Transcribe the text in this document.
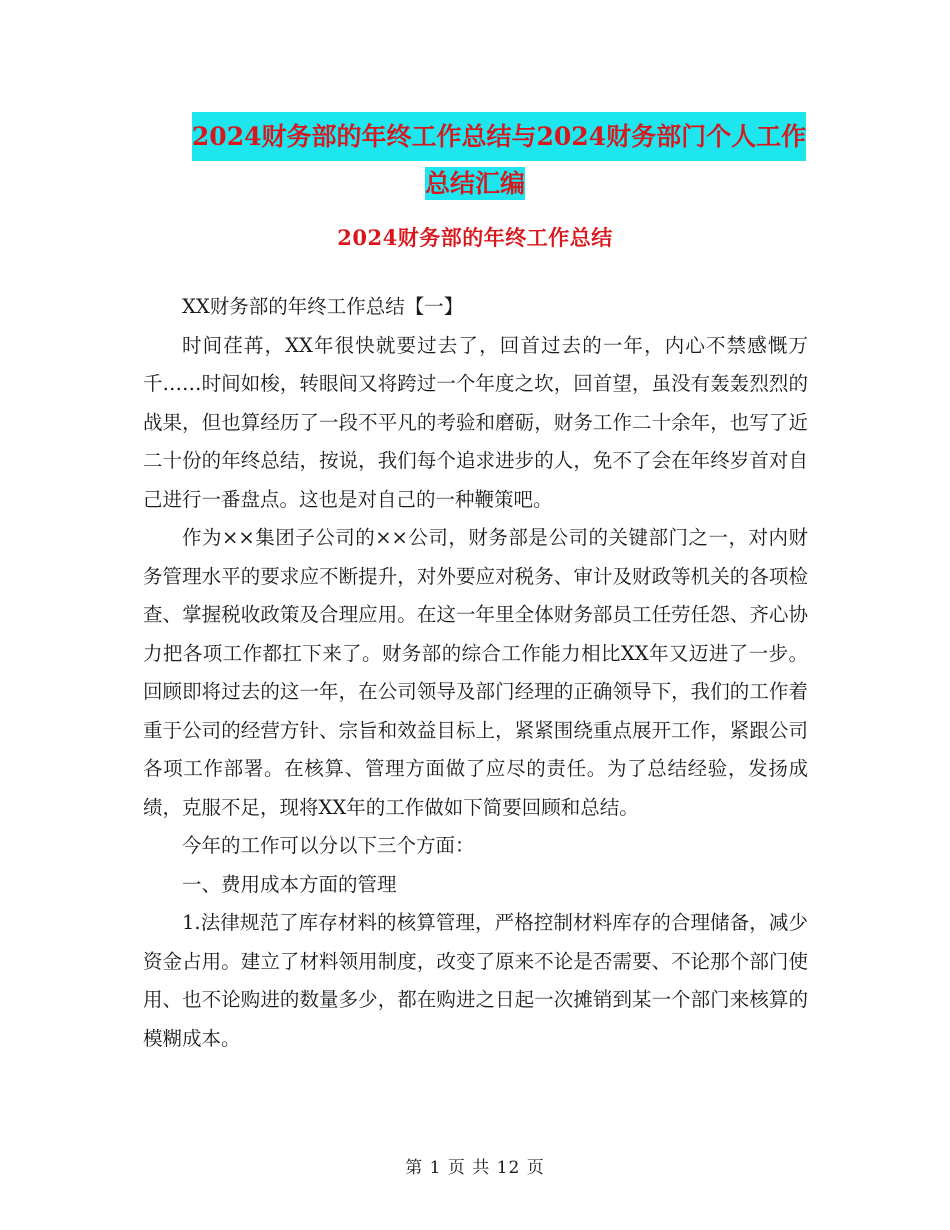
2024财务部的年终工作总结与2024财务部门个人工作
总结汇编
2024财务部的年终工作总结

XX财务部的年终工作总结【一】

时间荏苒，XX年很快就要过去了，回首过去的一年，内心不禁感慨万千……时间如梭，转眼间又将跨过一个年度之坎，回首望，虽没有轰轰烈烈的战果，但也算经历了一段不平凡的考验和磨砺，财务工作二十余年，也写了近二十份的年终总结，按说，我们每个追求进步的人，免不了会在年终岁首对自己进行一番盘点。这也是对自己的一种鞭策吧。

作为××集团子公司的××公司，财务部是公司的关键部门之一，对内财务管理水平的要求应不断提升，对外要应对税务、审计及财政等机关的各项检查、掌握税收政策及合理应用。在这一年里全体财务部员工任劳任怨、齐心协力把各项工作都扛下来了。财务部的综合工作能力相比XX年又迈进了一步。回顾即将过去的这一年，在公司领导及部门经理的正确领导下，我们的工作着重于公司的经营方针、宗旨和效益目标上，紧紧围绕重点展开工作，紧跟公司各项工作部署。在核算、管理方面做了应尽的责任。为了总结经验，发扬成绩，克服不足，现将XX年的工作做如下简要回顾和总结。

今年的工作可以分以下三个方面：

一、费用成本方面的管理

1.法律规范了库存材料的核算管理，严格控制材料库存的合理储备，减少资金占用。建立了材料领用制度，改变了原来不论是否需要、不论那个部门使用、也不论购进的数量多少，都在购进之日起一次摊销到某一个部门来核算的模糊成本。

第 1 页 共 12 页
